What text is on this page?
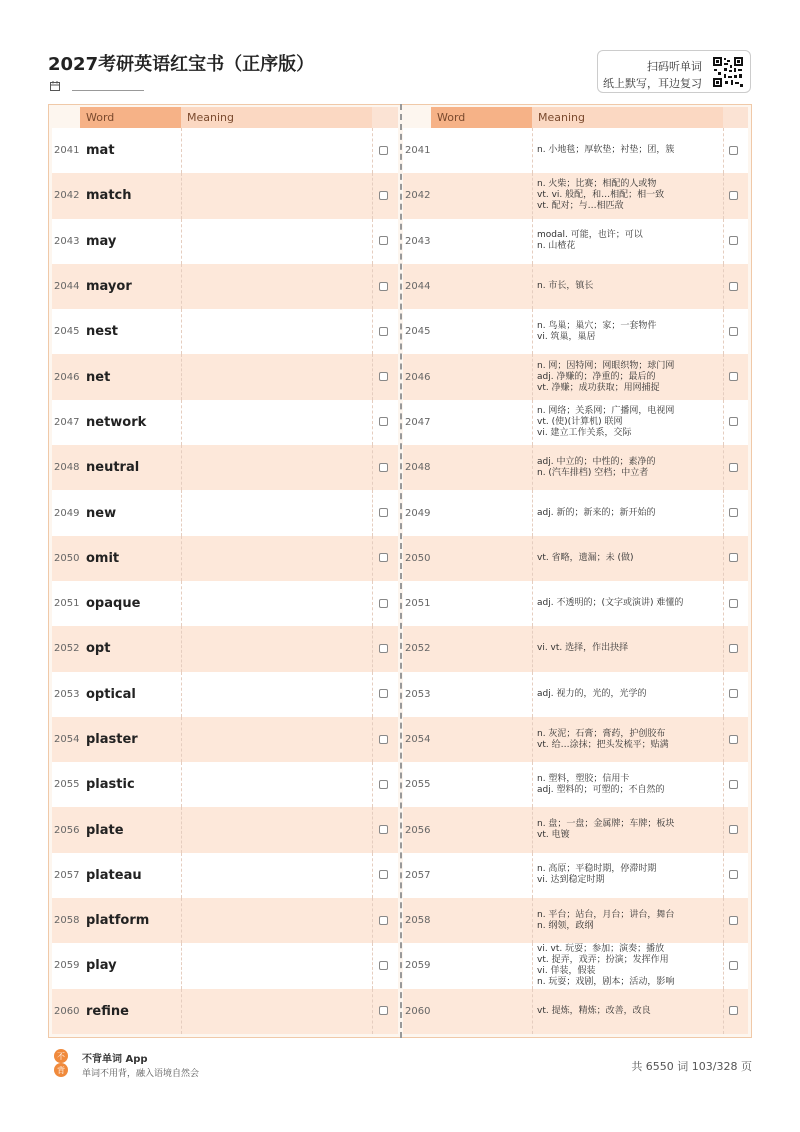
2027考研英语红宝书（正序版）	扫码听单词
纸上默写，耳边复习
Word	Meaning
2041 mat
2042 match
2043 may
2044 mayor
2045 nest
2046 net
2047 network
2048 neutral
2049 new
2050 omit
2051 opaque
2052 opt
2053 optical
2054 plaster
2055 plastic
2056 plate
2057 plateau
2058 platform
2059 play
2060 refine
Word	Meaning
2041	n. 小地毯；厚软垫；衬垫；团，簇
2042
n. 火柴；比赛；相配的人或物
vt. vi. 般配，和…相配；相一致
vt. 配对；与…相匹敌
2043
modal. 可能，也许；可以
n. 山楂花
2044	n. 市长，镇长
2045
n. 鸟巢；巢穴；家；一套物件
vi. 筑巢，巢居
2046
n. 网；因特网；网眼织物；球门网
adj. 净赚的；净重的；最后的
vt. 净赚；成功获取；用网捕捉
2047
n. 网络；关系网；广播网，电视网
vt. (使)(计算机) 联网
vi. 建立工作关系，交际
2048
adj. 中立的；中性的；素净的
n. (汽车排档) 空档；中立者
2049	adj. 新的；新来的；新开始的
2050	vt. 省略，遗漏；未 (做)
2051	adj. 不透明的；(文字或演讲) 难懂的
2052	vi. vt. 选择，作出抉择
2053	adj. 视力的，光的，光学的
2054
n. 灰泥；石膏；膏药，护创胶布
vt. 给…涂抹；把头发梳平；贴满
2055
n. 塑料，塑胶；信用卡
adj. 塑料的；可塑的；不自然的
2056
n. 盘；一盘；金属牌；车牌；板块
vt. 电镀
2057
n. 高原；平稳时期，停滞时期
vi. 达到稳定时期
2058
n. 平台；站台，月台；讲台，舞台
n. 纲领，政纲
2059
vi. vt. 玩耍；参加；演奏；播放
vt. 捉弄，戏弄；扮演；发挥作用
vi. 佯装，假装
n. 玩耍；戏剧，剧本；活动，影响
2060	vt. 提炼，精炼；改善，改良
不
背
不背单词 App
单词不用背，融入语境自然会
共 6550 词 103/328 页
